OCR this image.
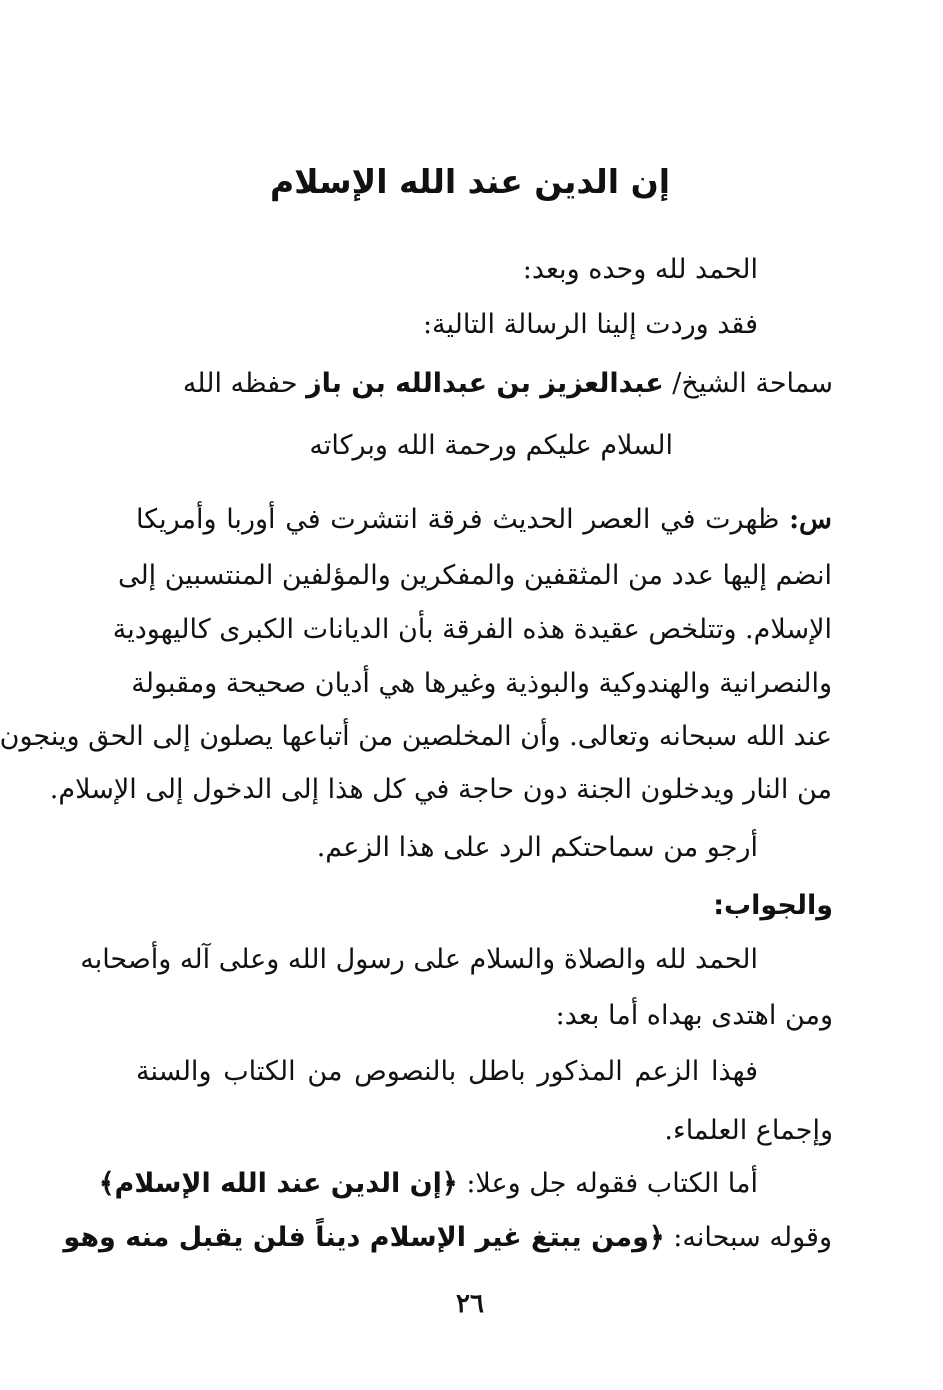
إن الدين عند الله الإسلام
الحمد لله وحده وبعد:
فقد وردت إلينا الرسالة التالية:
سماحة الشيخ/ عبدالعزيز بن عبدالله بن باز حفظه الله
السلام عليكم ورحمة الله وبركاته
س: ظهرت في العصر الحديث فرقة انتشرت في أوربا وأمريكا
انضم إليها عدد من المثقفين والمفكرين والمؤلفين المنتسبين إلى
الإسلام. وتتلخص عقيدة هذه الفرقة بأن الديانات الكبرى كاليهودية
والنصرانية والهندوكية والبوذية وغيرها هي أديان صحيحة ومقبولة
عند الله سبحانه وتعالى. وأن المخلصين من أتباعها يصلون إلى الحق وينجون
من النار ويدخلون الجنة دون حاجة في كل هذا إلى الدخول إلى الإسلام.
أرجو من سماحتكم الرد على هذا الزعم.
والجواب:
الحمد لله والصلاة والسلام على رسول الله وعلى آله وأصحابه
ومن اهتدى بهداه أما بعد:
فهذا الزعم المذكور باطل بالنصوص من الكتاب والسنة
وإجماع العلماء.
أما الكتاب فقوله جل وعلا: ﴿إن الدين عند الله الإسلام﴾
وقوله سبحانه: ﴿ومن يبتغ غير الإسلام ديناً فلن يقبل منه وهو
٢٦
